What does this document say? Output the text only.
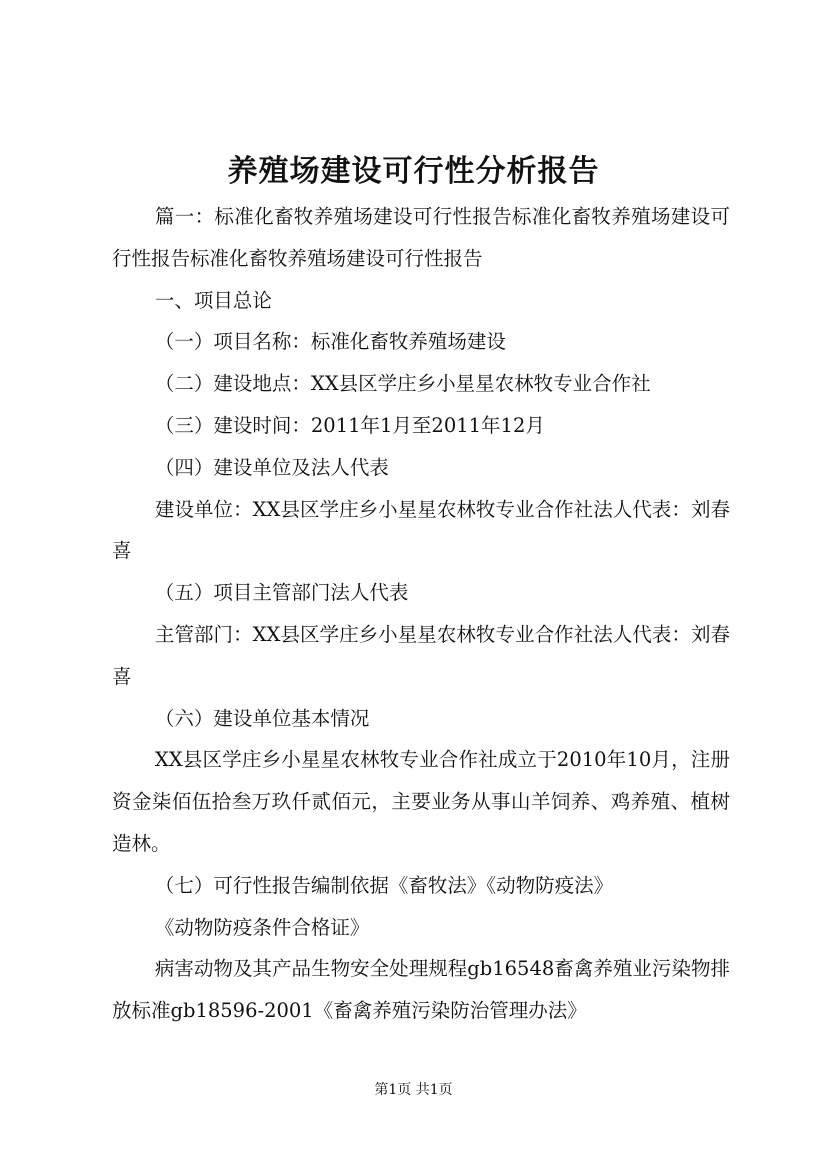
养殖场建设可行性分析报告

篇一：标准化畜牧养殖场建设可行性报告标准化畜牧养殖场建设可行性报告标准化畜牧养殖场建设可行性报告

一、项目总论

（一）项目名称：标准化畜牧养殖场建设

（二）建设地点：XX县区学庄乡小星星农林牧专业合作社

（三）建设时间：2011年1月至2011年12月

（四）建设单位及法人代表

建设单位：XX县区学庄乡小星星农林牧专业合作社法人代表：刘春喜

（五）项目主管部门法人代表

主管部门：XX县区学庄乡小星星农林牧专业合作社法人代表：刘春喜

（六）建设单位基本情况

XX县区学庄乡小星星农林牧专业合作社成立于2010年10月，注册资金柒佰伍拾叁万玖仟贰佰元，主要业务从事山羊饲养、鸡养殖、植树造林。

（七）可行性报告编制依据《畜牧法》《动物防疫法》

《动物防疫条件合格证》

病害动物及其产品生物安全处理规程gb16548畜禽养殖业污染物排放标准gb18596-2001《畜禽养殖污染防治管理办法》

第1页 共1页
